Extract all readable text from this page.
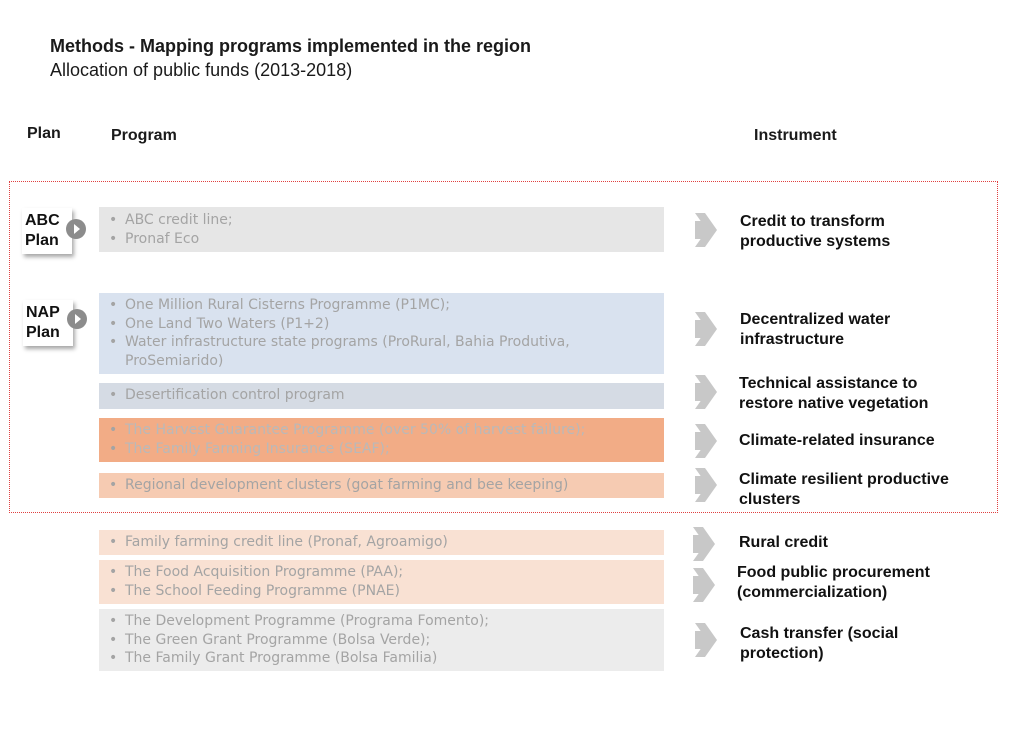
Methods - Mapping programs implemented in the region
Allocation of public funds (2013-2018)
Plan	Program	Instrument
ABC
Plan
NAP
Plan
• ABC credit line;
• Pronaf Eco
• One Million Rural Cisterns Programme (P1MC);
• One Land Two Waters (P1+2)
• Water infrastructure state programs (ProRural, Bahia Produtiva, ProSemiarido)
• Desertification control program
• The Harvest Guarantee Programme (over 50% of harvest failure);
• The Family Farming Insurance (SEAF);
• Regional development clusters (goat farming and bee keeping)
• Family farming credit line (Pronaf, Agroamigo)
• The Food Acquisition Programme (PAA);
• The School Feeding Programme (PNAE)
• The Development Programme (Programa Fomento);
• The Green Grant Programme (Bolsa Verde);
• The Family Grant Programme (Bolsa Familia)
Credit to transform
productive systems
Decentralized water
infrastructure
Technical assistance to
restore native vegetation
Climate-related insurance
Climate resilient productive
clusters
Rural credit
Food public procurement
(commercialization)
Cash transfer (social
protection)
